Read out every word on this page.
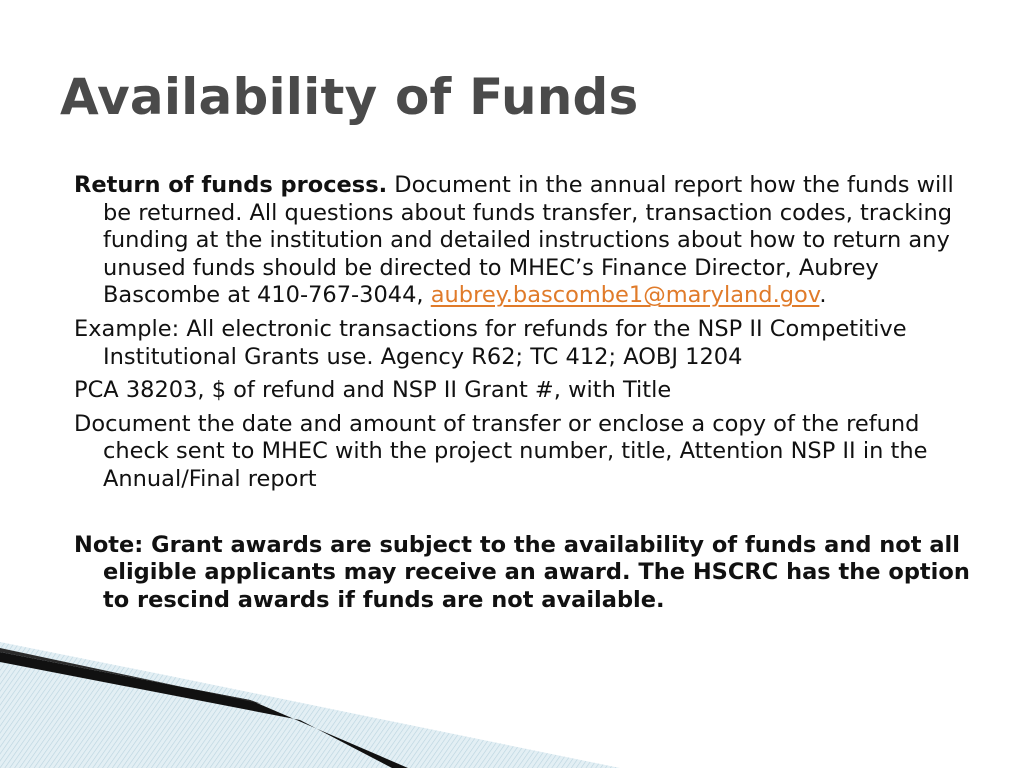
Availability of Funds

Return of funds process. Document in the annual report how the funds will be returned. All questions about funds transfer, transaction codes, tracking funding at the institution and detailed instructions about how to return any unused funds should be directed to MHEC’s Finance Director, Aubrey Bascombe at 410-767-3044, aubrey.bascombe1@maryland.gov.

Example: All electronic transactions for refunds for the NSP II Competitive Institutional Grants use. Agency R62; TC 412; AOBJ 1204

PCA 38203, $ of refund and NSP II Grant #, with Title

Document the date and amount of transfer or enclose a copy of the refund check sent to MHEC with the project number, title, Attention NSP II in the Annual/Final report

Note: Grant awards are subject to the availability of funds and not all eligible applicants may receive an award. The HSCRC has the option to rescind awards if funds are not available.
